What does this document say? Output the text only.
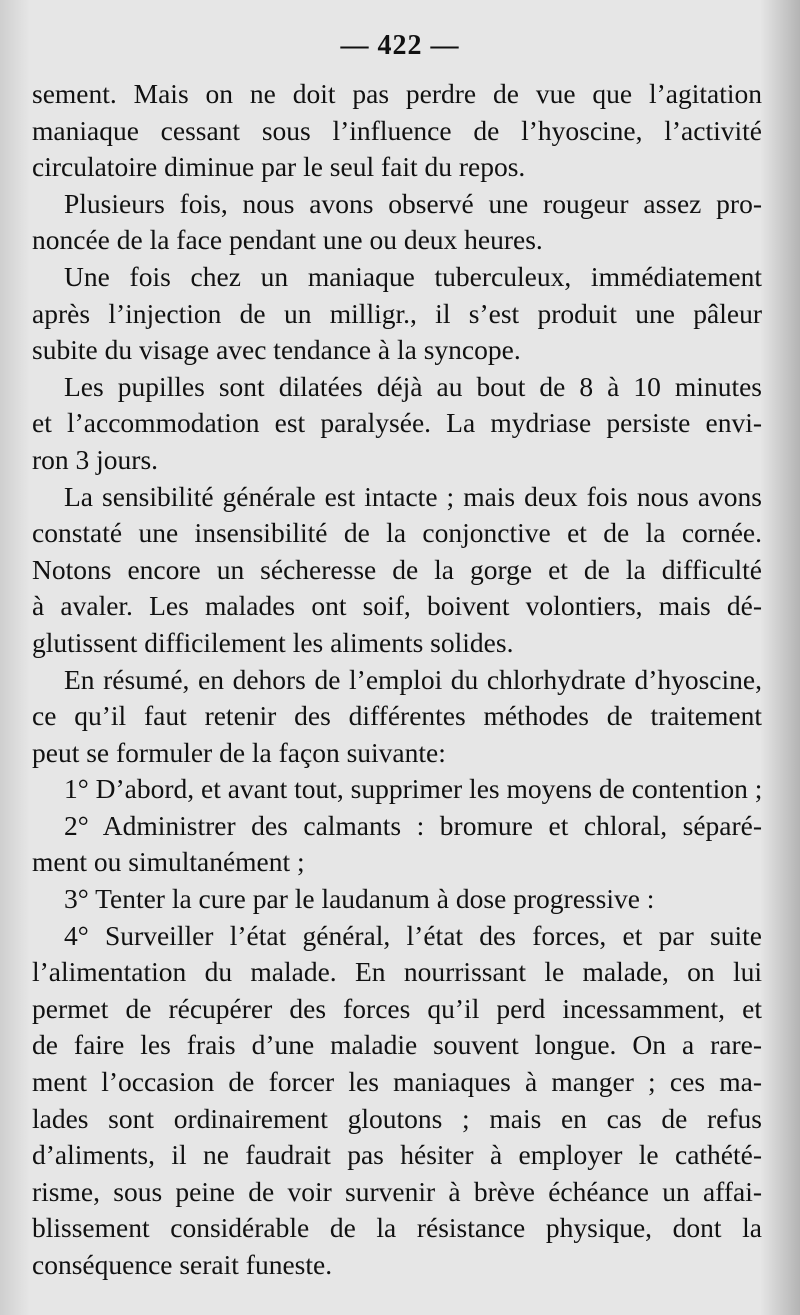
— 422 —
sement. Mais on ne doit pas perdre de vue que l’agitation
maniaque cessant sous l’influence de l’hyoscine, l’activité
circulatoire diminue par le seul fait du repos.
Plusieurs fois, nous avons observé une rougeur assez pro-
noncée de la face pendant une ou deux heures.
Une fois chez un maniaque tuberculeux, immédiatement
après l’injection de un milligr., il s’est produit une pâleur
subite du visage avec tendance à la syncope.
Les pupilles sont dilatées déjà au bout de 8 à 10 minutes
et l’accommodation est paralysée. La mydriase persiste envi-
ron 3 jours.
La sensibilité générale est intacte ; mais deux fois nous avons
constaté une insensibilité de la conjonctive et de la cornée.
Notons encore un sécheresse de la gorge et de la difficulté
à avaler. Les malades ont soif, boivent volontiers, mais dé-
glutissent difficilement les aliments solides.
En résumé, en dehors de l’emploi du chlorhydrate d’hyoscine,
ce qu’il faut retenir des différentes méthodes de traitement
peut se formuler de la façon suivante:
1° D’abord, et avant tout, supprimer les moyens de contention ;
2° Administrer des calmants : bromure et chloral, séparé-
ment ou simultanément ;
3° Tenter la cure par le laudanum à dose progressive :
4° Surveiller l’état général, l’état des forces, et par suite
l’alimentation du malade. En nourrissant le malade, on lui
permet de récupérer des forces qu’il perd incessamment, et
de faire les frais d’une maladie souvent longue. On a rare-
ment l’occasion de forcer les maniaques à manger ; ces ma-
lades sont ordinairement gloutons ; mais en cas de refus
d’aliments, il ne faudrait pas hésiter à employer le cathété-
risme, sous peine de voir survenir à brève échéance un affai-
blissement considérable de la résistance physique, dont la
conséquence serait funeste.
